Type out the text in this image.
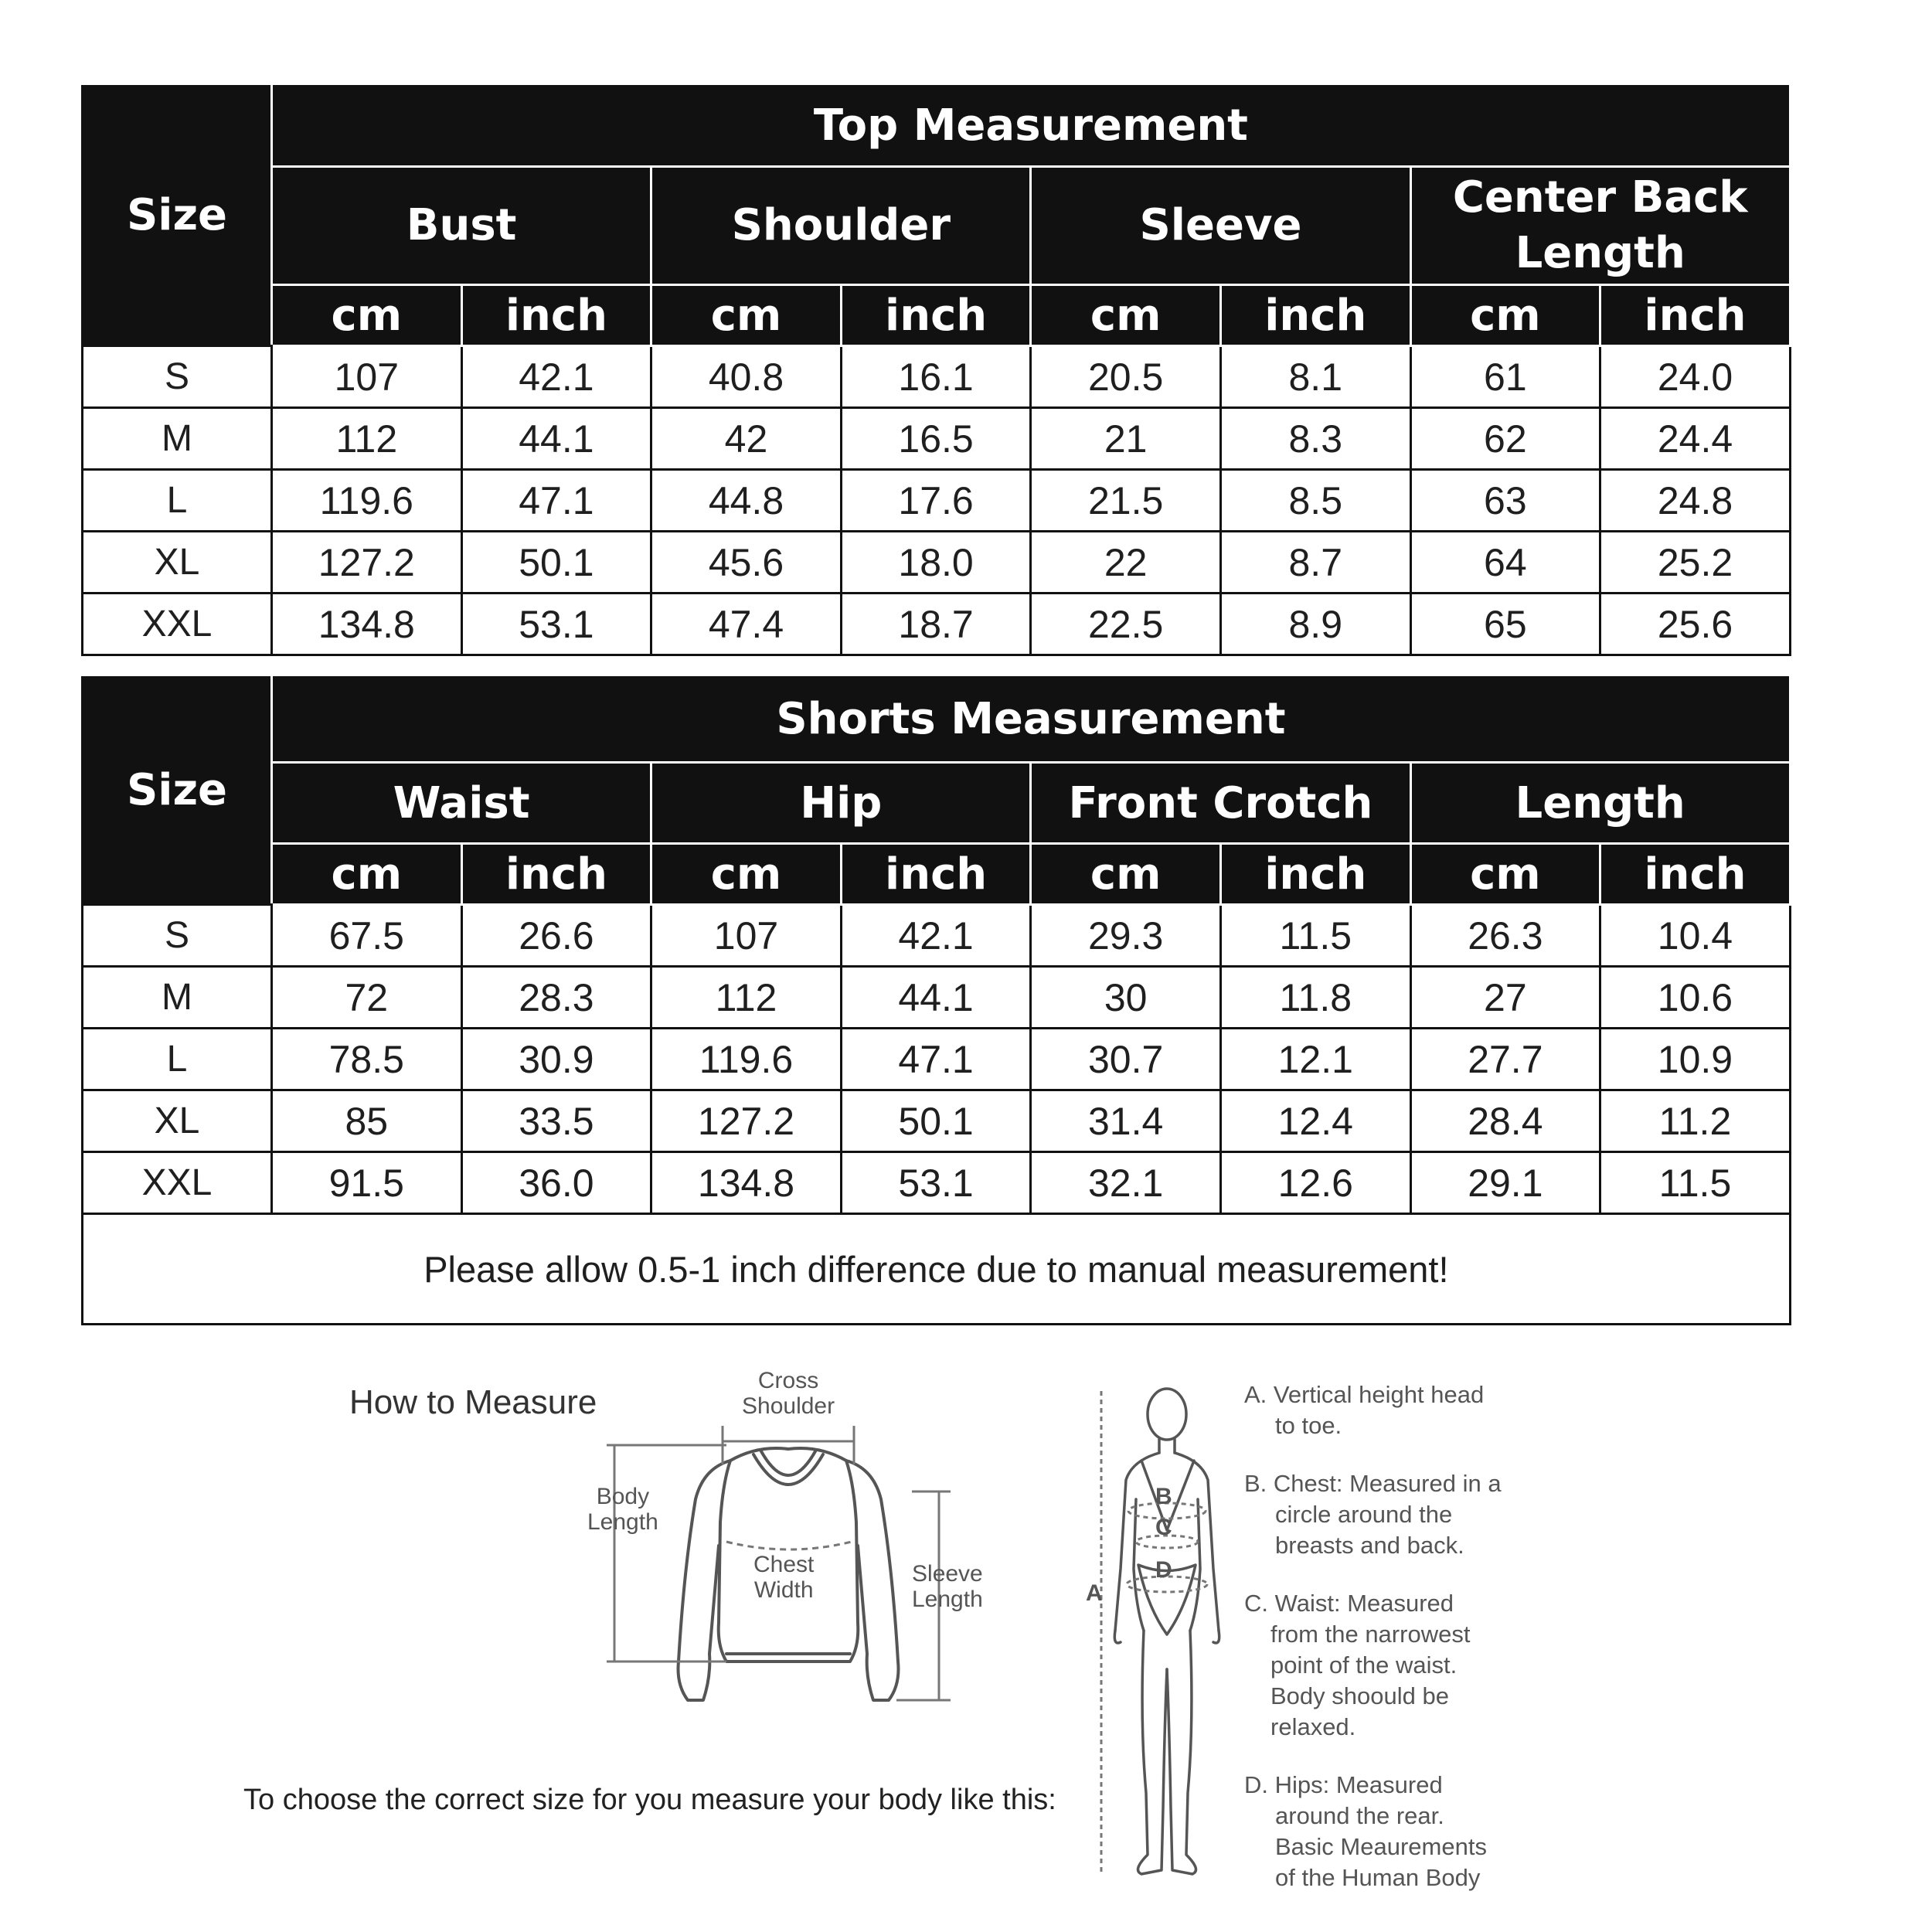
Size	Top Measurement							
	Bust		Shoulder		Sleeve		Center Back Length	
	cm	inch	cm	inch	cm	inch	cm	inch
S	107	42.1	40.8	16.1	20.5	8.1	61	24.0
M	112	44.1	42	16.5	21	8.3	62	24.4
L	119.6	47.1	44.8	17.6	21.5	8.5	63	24.8
XL	127.2	50.1	45.6	18.0	22	8.7	64	25.2
XXL	134.8	53.1	47.4	18.7	22.5	8.9	65	25.6
Size	Shorts Measurement							
	Waist		Hip		Front Crotch		Length	
	cm	inch	cm	inch	cm	inch	cm	inch
S	67.5	26.6	107	42.1	29.3	11.5	26.3	10.4
M	72	28.3	112	44.1	30	11.8	27	10.6
L	78.5	30.9	119.6	47.1	30.7	12.1	27.7	10.9
XL	85	33.5	127.2	50.1	31.4	12.4	28.4	11.2
XXL	91.5	36.0	134.8	53.1	32.1	12.6	29.1	11.5
Please allow 0.5-1 inch difference due to manual measurement!								
How to Measure
To choose the correct size for you measure your body like this:
Cross
Shoulder
Body
Length
Chest
Width
Sleeve
Length
B
C
D
A

A. Vertical height head

to toe.

B. Chest: Measured in a

circle around the

breasts and back.

C. Waist: Measured

from the narrowest

point of the waist.

Body shoould be

relaxed.

D. Hips: Measured

around the rear.

Basic Meaurements

of the Human Body
